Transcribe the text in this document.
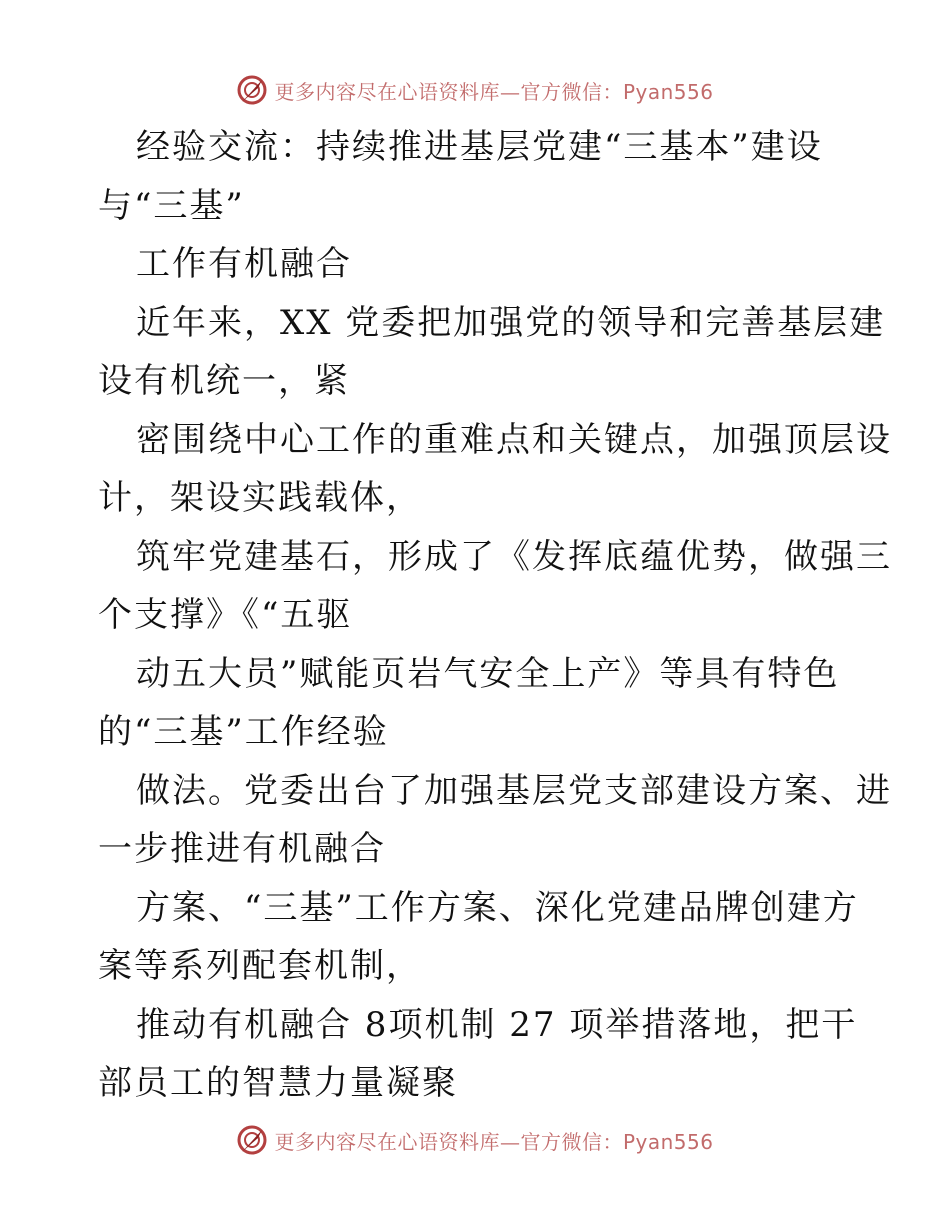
更多内容尽在心语资料库—官方微信：Pyan556
经验交流：持续推进基层党建“三基本”建设
与“三基”
工作有机融合
近年来，XX 党委把加强党的领导和完善基层建
设有机统一，紧
密围绕中心工作的重难点和关键点，加强顶层设
计，架设实践载体，
筑牢党建基石，形成了《发挥底蕴优势，做强三
个支撑》《“五驱
动五大员”赋能页岩气安全上产》等具有特色
的“三基”工作经验
做法。党委出台了加强基层党支部建设方案、进
一步推进有机融合
方案、“三基”工作方案、深化党建品牌创建方
案等系列配套机制，
推动有机融合 8项机制 27 项举措落地，把干
部员工的智慧力量凝聚
更多内容尽在心语资料库—官方微信：Pyan556
